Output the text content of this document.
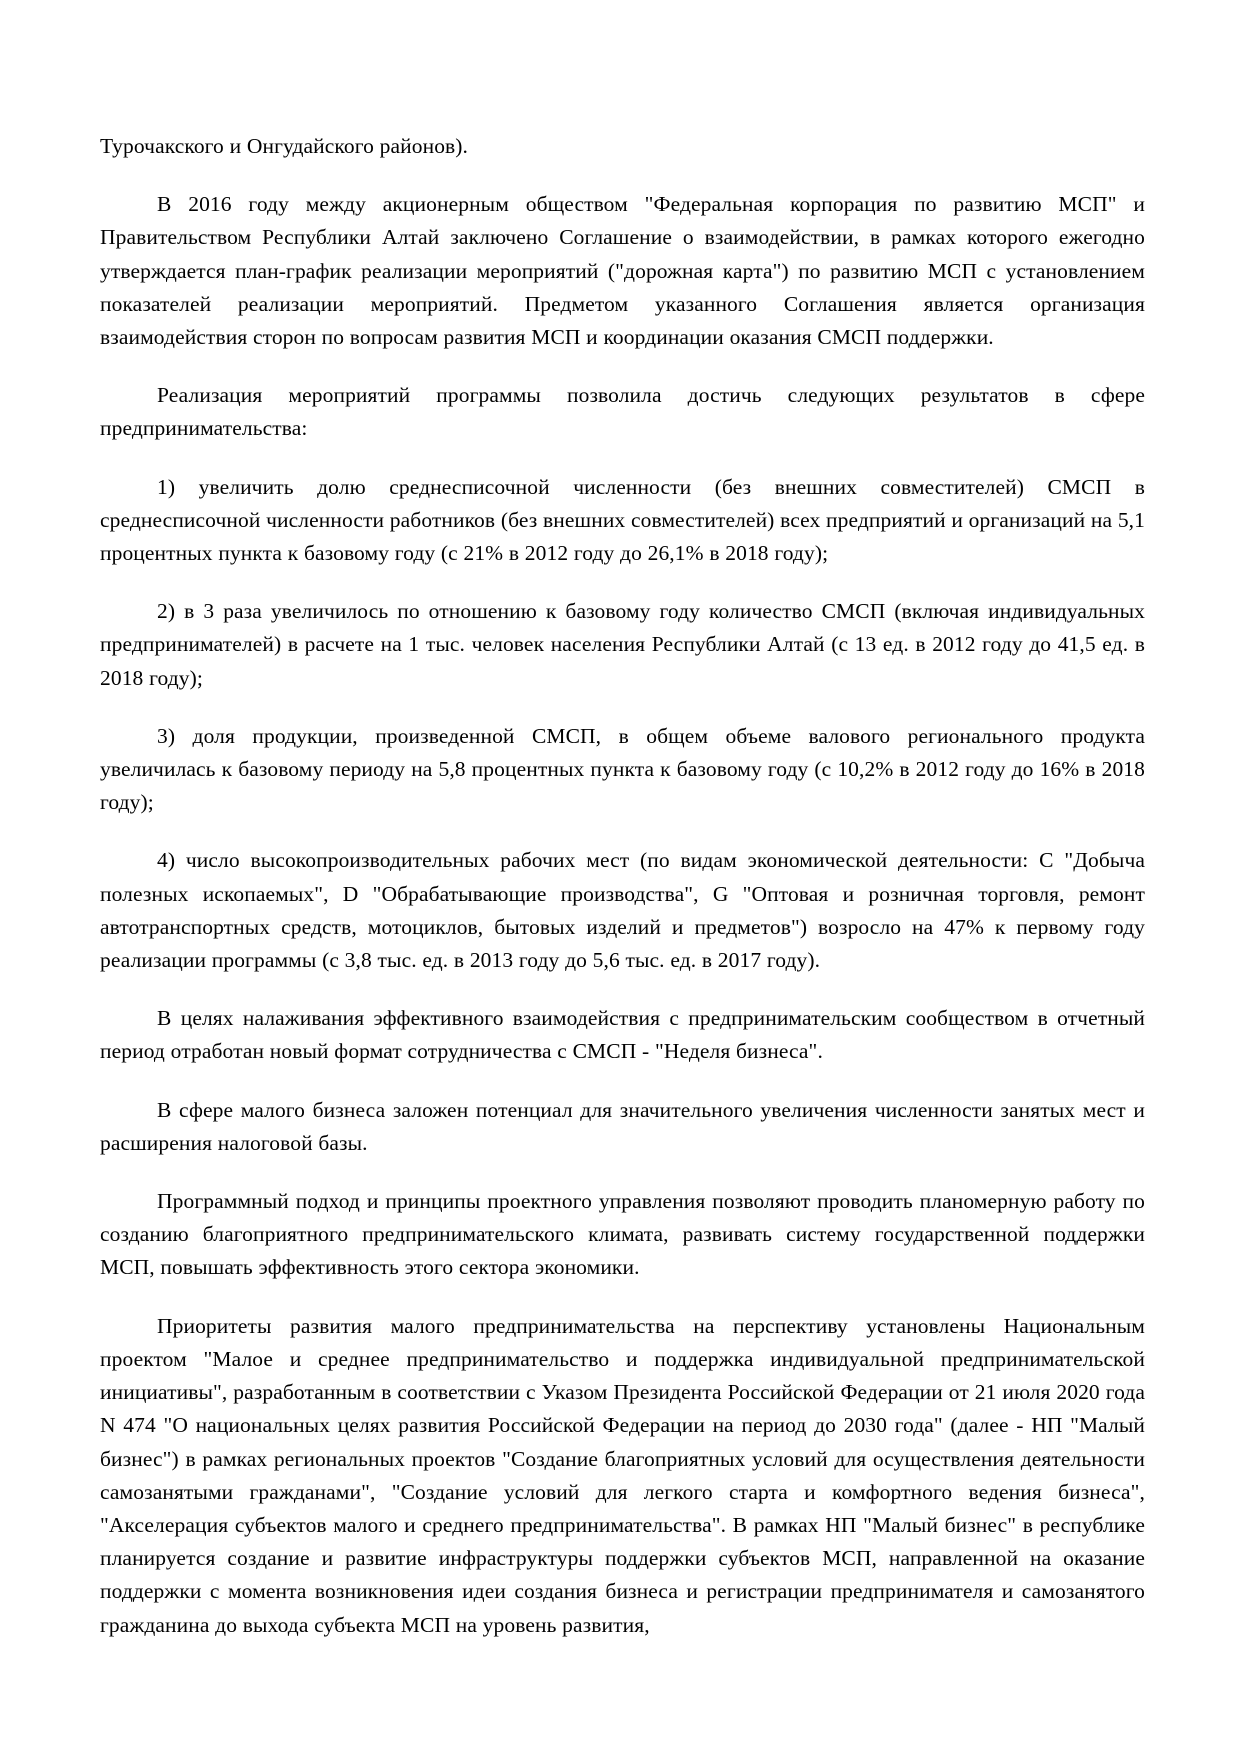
Турочакского и Онгудайского районов).

В 2016 году между акционерным обществом "Федеральная корпорация по развитию МСП" и Правительством Республики Алтай заключено Соглашение о взаимодействии, в рамках которого ежегодно утверждается план-график реализации мероприятий ("дорожная карта") по развитию МСП с установлением показателей реализации мероприятий. Предметом указанного Соглашения является организация взаимодействия сторон по вопросам развития МСП и координации оказания СМСП поддержки.

Реализация мероприятий программы позволила достичь следующих результатов в сфере предпринимательства:

1) увеличить долю среднесписочной численности (без внешних совместителей) СМСП в среднесписочной численности работников (без внешних совместителей) всех предприятий и организаций на 5,1 процентных пункта к базовому году (с 21% в 2012 году до 26,1% в 2018 году);

2) в 3 раза увеличилось по отношению к базовому году количество СМСП (включая индивидуальных предпринимателей) в расчете на 1 тыс. человек населения Республики Алтай (с 13 ед. в 2012 году до 41,5 ед. в 2018 году);

3) доля продукции, произведенной СМСП, в общем объеме валового регионального продукта увеличилась к базовому периоду на 5,8 процентных пункта к базовому году (с 10,2% в 2012 году до 16% в 2018 году);

4) число высокопроизводительных рабочих мест (по видам экономической деятельности: C "Добыча полезных ископаемых", D "Обрабатывающие производства", G "Оптовая и розничная торговля, ремонт автотранспортных средств, мотоциклов, бытовых изделий и предметов") возросло на 47% к первому году реализации программы (с 3,8 тыс. ед. в 2013 году до 5,6 тыс. ед. в 2017 году).

В целях налаживания эффективного взаимодействия с предпринимательским сообществом в отчетный период отработан новый формат сотрудничества с СМСП - "Неделя бизнеса".

В сфере малого бизнеса заложен потенциал для значительного увеличения численности занятых мест и расширения налоговой базы.

Программный подход и принципы проектного управления позволяют проводить планомерную работу по созданию благоприятного предпринимательского климата, развивать систему государственной поддержки МСП, повышать эффективность этого сектора экономики.

Приоритеты развития малого предпринимательства на перспективу установлены Национальным проектом "Малое и среднее предпринимательство и поддержка индивидуальной предпринимательской инициативы", разработанным в соответствии с Указом Президента Российской Федерации от 21 июля 2020 года N 474 "О национальных целях развития Российской Федерации на период до 2030 года" (далее - НП "Малый бизнес") в рамках региональных проектов "Создание благоприятных условий для осуществления деятельности самозанятыми гражданами", "Создание условий для легкого старта и комфортного ведения бизнеса", "Акселерация субъектов малого и среднего предпринимательства". В рамках НП "Малый бизнес" в республике планируется создание и развитие инфраструктуры поддержки субъектов МСП, направленной на оказание поддержки с момента возникновения идеи создания бизнеса и регистрации предпринимателя и самозанятого гражданина до выхода субъекта МСП на уровень развития,
